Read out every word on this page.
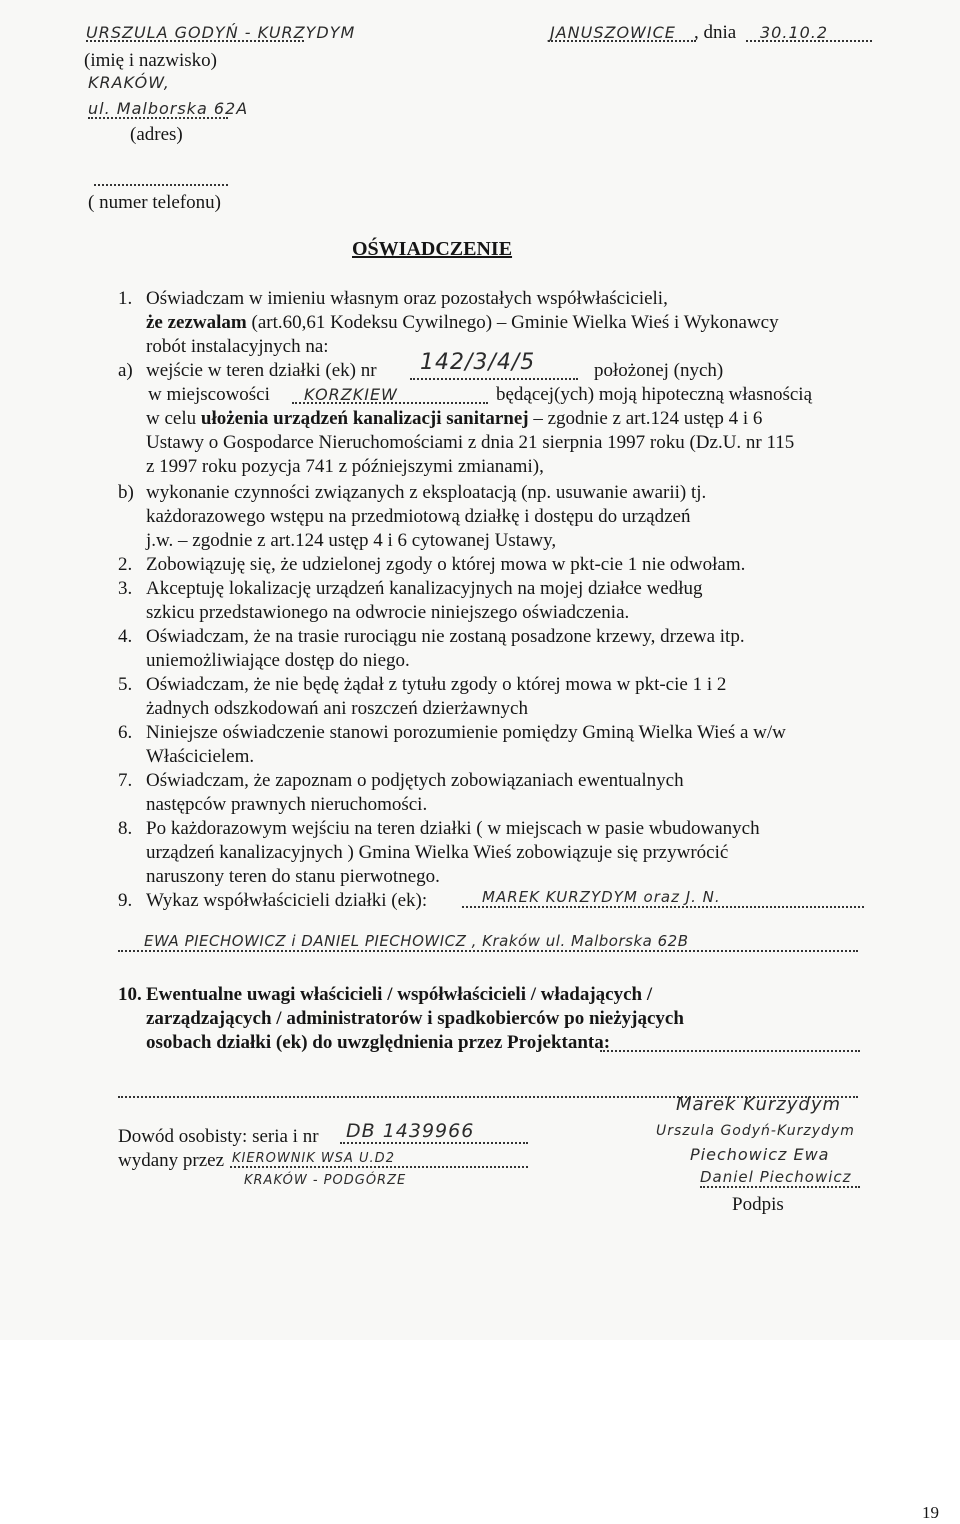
URSZULA GODYŃ - KURZYDYM	JANUSZOWICE , dnia 30.10.2
(imię i nazwisko)
KRAKÓW,
ul. Malborska 62A
(adres)
( numer telefonu)
OŚWIADCZENIE
1. Oświadczam w imieniu własnym oraz pozostałych współwłaścicieli,
że zezwalam (art.60,61 Kodeksu Cywilnego) – Gminie Wielka Wieś i Wykonawcy
robót instalacyjnych na:
a) wejście w teren działki (ek) nr 142/3/4/5	położonej (nych)
w miejscowości KORZKIEW	będącej(ych) moją hipoteczną własnością
w celu ułożenia urządzeń kanalizacji sanitarnej – zgodnie z art.124 ustęp 4 i 6
Ustawy o Gospodarce Nieruchomościami z dnia 21 sierpnia 1997 roku (Dz.U. nr 115
z 1997 roku pozycja 741 z późniejszymi zmianami),
b) wykonanie czynności związanych z eksploatacją (np. usuwanie awarii) tj.
każdorazowego wstępu na przedmiotową działkę i dostępu do urządzeń
j.w. – zgodnie z art.124 ustęp 4 i 6 cytowanej Ustawy,
2. Zobowiązuję się, że udzielonej zgody o której mowa w pkt-cie 1 nie odwołam.
3. Akceptuję lokalizację urządzeń kanalizacyjnych na mojej działce według
szkicu przedstawionego na odwrocie niniejszego oświadczenia.
4. Oświadczam, że na trasie rurociągu nie zostaną posadzone krzewy, drzewa itp.
uniemożliwiające dostęp do niego.
5. Oświadczam, że nie będę żądał z tytułu zgody o której mowa w pkt-cie 1 i 2
żadnych odszkodowań ani roszczeń dzierżawnych
6. Niniejsze oświadczenie stanowi porozumienie pomiędzy Gminą Wielka Wieś a w/w
Właścicielem.
7. Oświadczam, że zapoznam o podjętych zobowiązaniach ewentualnych
następców prawnych nieruchomości.
8. Po każdorazowym wejściu na teren działki ( w miejscach w pasie wbudowanych
urządzeń kanalizacyjnych ) Gmina Wielka Wieś zobowiązuje się przywrócić
naruszony teren do stanu pierwotnego.
9. Wykaz współwłaścicieli działki (ek):	MAREK KURZYDYM oraz J. N.
EWA PIECHOWICZ i DANIEL PIECHOWICZ , Kraków ul. Malborska 62B
10. Ewentualne uwagi właścicieli / współwłaścicieli / władających /
zarządzających / administratorów i spadkobierców po nieżyjących
osobach działki (ek) do uwzględnienia przez Projektanta:
Dowód osobisty: seria i nr DB 1439966
wydany przez KIEROWNIK WSA U.D2
KRAKÓW - PODGÓRZE
Marek Kurzydym
Urszula Godyń-Kurzydym
Piechowicz Ewa
Daniel Piechowicz
Podpis
19
